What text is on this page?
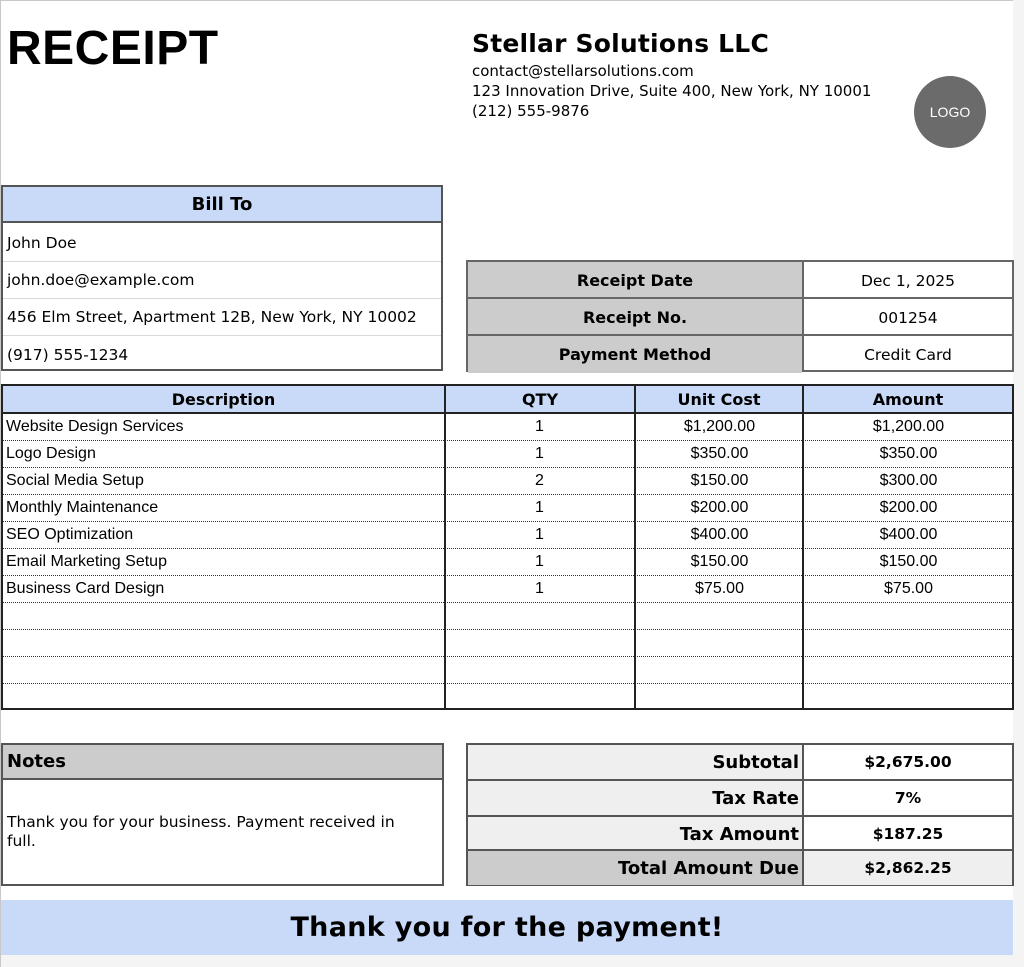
RECEIPT	Stellar Solutions LLC
contact@stellarsolutions.com
123 Innovation Drive, Suite 400, New York, NY 10001
(212) 555-9876	LOGO
Bill To
John Doe
john.doe@example.com
456 Elm Street, Apartment 12B, New York, NY 10002
(917) 555-1234
Receipt Date	Dec 1, 2025
Receipt No.	001254
Payment Method	Credit Card
Description	QTY	Unit Cost	Amount
Website Design Services	1	$1,200.00	$1,200.00
Logo Design	1	$350.00	$350.00
Social Media Setup	2	$150.00	$300.00
Monthly Maintenance	1	$200.00	$200.00
SEO Optimization	1	$400.00	$400.00
Email Marketing Setup	1	$150.00	$150.00
Business Card Design	1	$75.00	$75.00
Notes
Thank you for your business. Payment received in full.
Subtotal	$2,675.00
Tax Rate	7%
Tax Amount	$187.25
Total Amount Due	$2,862.25
Thank you for the payment!
